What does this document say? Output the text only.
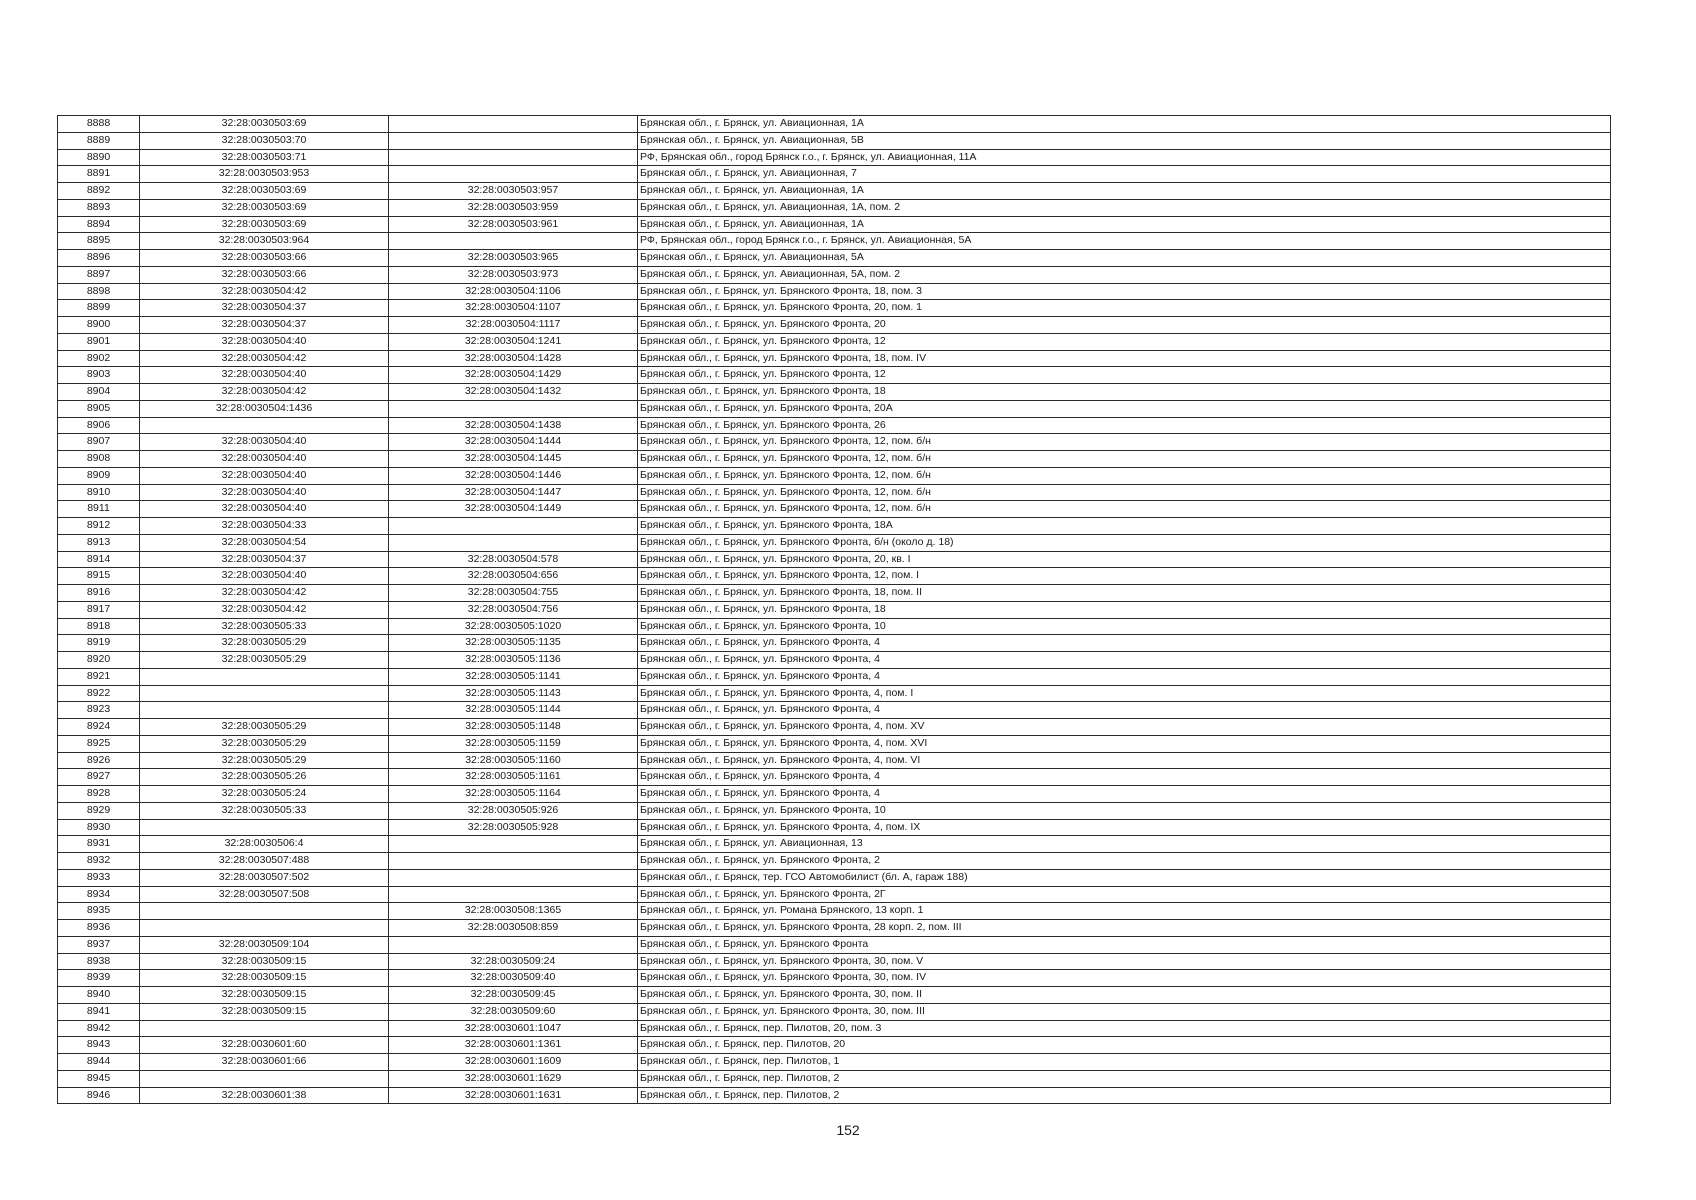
8888	32:28:0030503:69		Брянская обл., г. Брянск, ул. Авиационная, 1А
8889	32:28:0030503:70		Брянская обл., г. Брянск, ул. Авиационная, 5В
8890	32:28:0030503:71		РФ, Брянская обл., город Брянск г.о., г. Брянск, ул. Авиационная, 11А
8891	32:28:0030503:953		Брянская обл., г. Брянск, ул. Авиационная, 7
8892	32:28:0030503:69	32:28:0030503:957	Брянская обл., г. Брянск, ул. Авиационная, 1А
8893	32:28:0030503:69	32:28:0030503:959	Брянская обл., г. Брянск, ул. Авиационная, 1А, пом. 2
8894	32:28:0030503:69	32:28:0030503:961	Брянская обл., г. Брянск, ул. Авиационная, 1А
8895	32:28:0030503:964		РФ, Брянская обл., город Брянск г.о., г. Брянск, ул. Авиационная, 5А
8896	32:28:0030503:66	32:28:0030503:965	Брянская обл., г. Брянск, ул. Авиационная, 5А
8897	32:28:0030503:66	32:28:0030503:973	Брянская обл., г. Брянск, ул. Авиационная, 5А, пом. 2
8898	32:28:0030504:42	32:28:0030504:1106	Брянская обл., г. Брянск, ул. Брянского Фронта, 18, пом. 3
8899	32:28:0030504:37	32:28:0030504:1107	Брянская обл., г. Брянск, ул. Брянского Фронта, 20, пом. 1
8900	32:28:0030504:37	32:28:0030504:1117	Брянская обл., г. Брянск, ул. Брянского Фронта, 20
8901	32:28:0030504:40	32:28:0030504:1241	Брянская обл., г. Брянск, ул. Брянского Фронта, 12
8902	32:28:0030504:42	32:28:0030504:1428	Брянская обл., г. Брянск, ул. Брянского Фронта, 18, пом. IV
8903	32:28:0030504:40	32:28:0030504:1429	Брянская обл., г. Брянск, ул. Брянского Фронта, 12
8904	32:28:0030504:42	32:28:0030504:1432	Брянская обл., г. Брянск, ул. Брянского Фронта, 18
8905	32:28:0030504:1436		Брянская обл., г. Брянск, ул. Брянского Фронта, 20А
8906		32:28:0030504:1438	Брянская обл., г. Брянск, ул. Брянского Фронта, 26
8907	32:28:0030504:40	32:28:0030504:1444	Брянская обл., г. Брянск, ул. Брянского Фронта, 12, пом. б/н
8908	32:28:0030504:40	32:28:0030504:1445	Брянская обл., г. Брянск, ул. Брянского Фронта, 12, пом. б/н
8909	32:28:0030504:40	32:28:0030504:1446	Брянская обл., г. Брянск, ул. Брянского Фронта, 12, пом. б/н
8910	32:28:0030504:40	32:28:0030504:1447	Брянская обл., г. Брянск, ул. Брянского Фронта, 12, пом. б/н
8911	32:28:0030504:40	32:28:0030504:1449	Брянская обл., г. Брянск, ул. Брянского Фронта, 12, пом. б/н
8912	32:28:0030504:33		Брянская обл., г. Брянск, ул. Брянского Фронта, 18А
8913	32:28:0030504:54		Брянская обл., г. Брянск, ул. Брянского Фронта, б/н (около д. 18)
8914	32:28:0030504:37	32:28:0030504:578	Брянская обл., г. Брянск, ул. Брянского Фронта, 20, кв. I
8915	32:28:0030504:40	32:28:0030504:656	Брянская обл., г. Брянск, ул. Брянского Фронта, 12, пом. I
8916	32:28:0030504:42	32:28:0030504:755	Брянская обл., г. Брянск, ул. Брянского Фронта, 18, пом. II
8917	32:28:0030504:42	32:28:0030504:756	Брянская обл., г. Брянск, ул. Брянского Фронта, 18
8918	32:28:0030505:33	32:28:0030505:1020	Брянская обл., г. Брянск, ул. Брянского Фронта, 10
8919	32:28:0030505:29	32:28:0030505:1135	Брянская обл., г. Брянск, ул. Брянского Фронта, 4
8920	32:28:0030505:29	32:28:0030505:1136	Брянская обл., г. Брянск, ул. Брянского Фронта, 4
8921		32:28:0030505:1141	Брянская обл., г. Брянск, ул. Брянского Фронта, 4
8922		32:28:0030505:1143	Брянская обл., г. Брянск, ул. Брянского Фронта, 4, пом. I
8923		32:28:0030505:1144	Брянская обл., г. Брянск, ул. Брянского Фронта, 4
8924	32:28:0030505:29	32:28:0030505:1148	Брянская обл., г. Брянск, ул. Брянского Фронта, 4, пом. XV
8925	32:28:0030505:29	32:28:0030505:1159	Брянская обл., г. Брянск, ул. Брянского Фронта, 4, пом. XVI
8926	32:28:0030505:29	32:28:0030505:1160	Брянская обл., г. Брянск, ул. Брянского Фронта, 4, пом. VI
8927	32:28:0030505:26	32:28:0030505:1161	Брянская обл., г. Брянск, ул. Брянского Фронта, 4
8928	32:28:0030505:24	32:28:0030505:1164	Брянская обл., г. Брянск, ул. Брянского Фронта, 4
8929	32:28:0030505:33	32:28:0030505:926	Брянская обл., г. Брянск, ул. Брянского Фронта, 10
8930		32:28:0030505:928	Брянская обл., г. Брянск, ул. Брянского Фронта, 4, пом. IX
8931	32:28:0030506:4		Брянская обл., г. Брянск, ул. Авиационная, 13
8932	32:28:0030507:488		Брянская обл., г. Брянск, ул. Брянского Фронта, 2
8933	32:28:0030507:502		Брянская обл., г. Брянск, тер. ГСО Автомобилист (бл. А, гараж 188)
8934	32:28:0030507:508		Брянская обл., г. Брянск, ул. Брянского Фронта, 2Г
8935		32:28:0030508:1365	Брянская обл., г. Брянск, ул. Романа Брянского, 13 корп. 1
8936		32:28:0030508:859	Брянская обл., г. Брянск, ул. Брянского Фронта, 28 корп. 2, пом. III
8937	32:28:0030509:104		Брянская обл., г. Брянск, ул. Брянского Фронта
8938	32:28:0030509:15	32:28:0030509:24	Брянская обл., г. Брянск, ул. Брянского Фронта, 30, пом. V
8939	32:28:0030509:15	32:28:0030509:40	Брянская обл., г. Брянск, ул. Брянского Фронта, 30, пом. IV
8940	32:28:0030509:15	32:28:0030509:45	Брянская обл., г. Брянск, ул. Брянского Фронта, 30, пом. II
8941	32:28:0030509:15	32:28:0030509:60	Брянская обл., г. Брянск, ул. Брянского Фронта, 30, пом. III
8942		32:28:0030601:1047	Брянская обл., г. Брянск, пер. Пилотов, 20, пом. 3
8943	32:28:0030601:60	32:28:0030601:1361	Брянская обл., г. Брянск, пер. Пилотов, 20
8944	32:28:0030601:66	32:28:0030601:1609	Брянская обл., г. Брянск, пер. Пилотов, 1
8945		32:28:0030601:1629	Брянская обл., г. Брянск, пер. Пилотов, 2
8946	32:28:0030601:38	32:28:0030601:1631	Брянская обл., г. Брянск, пер. Пилотов, 2
152
